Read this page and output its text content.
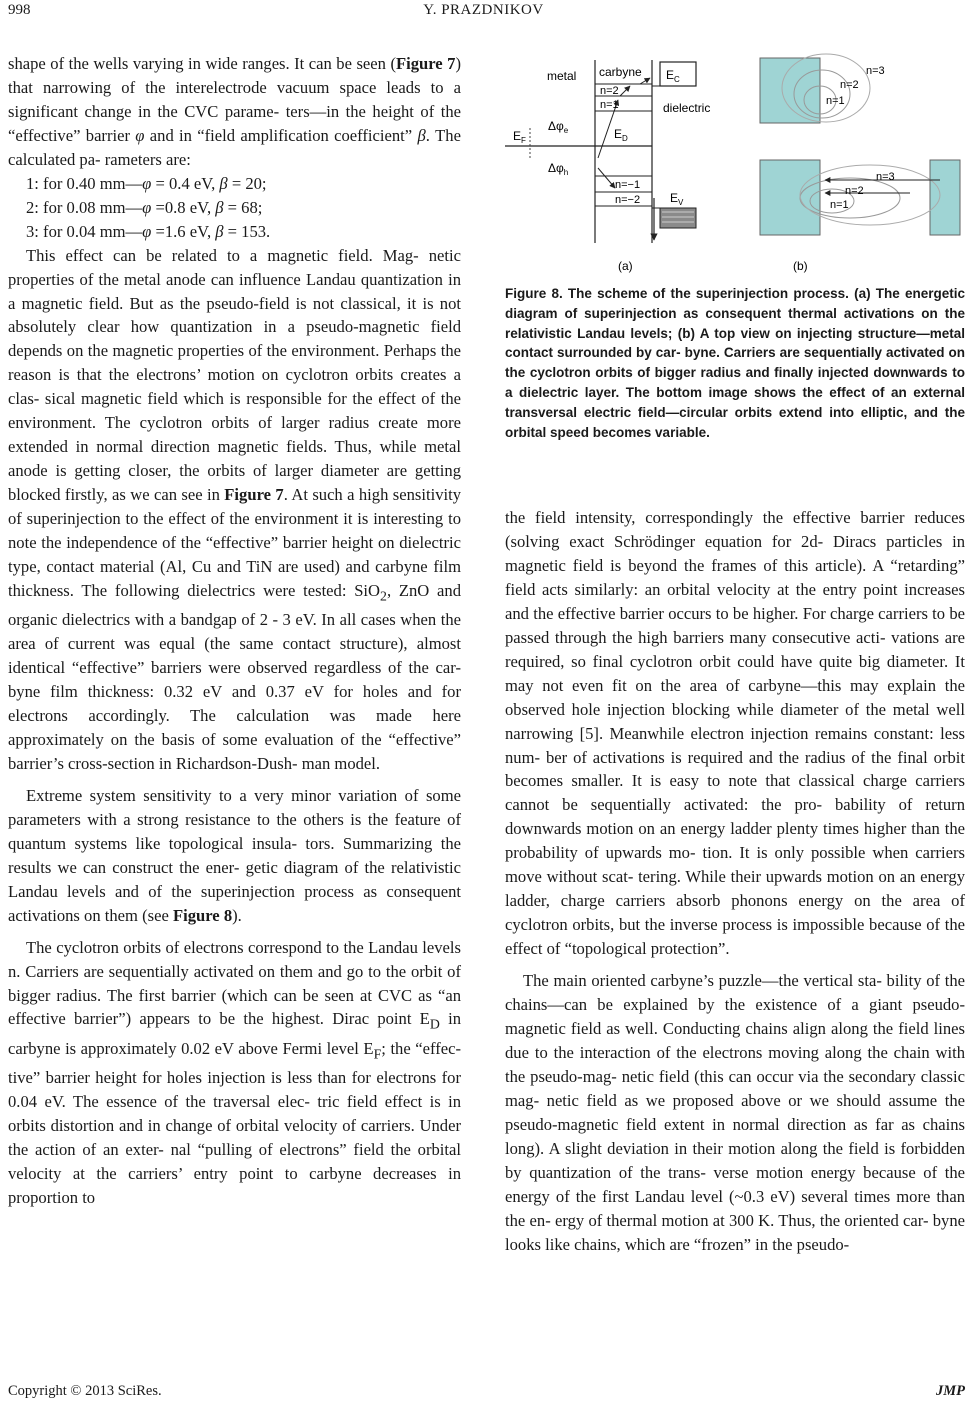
998	Y. PRAZDNIKOV

shape of the wells varying in wide ranges. It can be seen (Figure 7) that narrowing of the interelectrode vacuum space leads to a significant change in the CVC parame- ters—in the height of the “effective” barrier φ and in “field amplification coefficient” β. The calculated pa- rameters are:

1: for 0.40 mm—φ = 0.4 eV, β = 20;

2: for 0.08 mm—φ =0.8 eV, β = 68;

3: for 0.04 mm—φ =1.6 eV, β = 153.

This effect can be related to a magnetic field. Mag- netic properties of the metal anode can influence Landau quantization in a magnetic field. But as the pseudo-field is not classical, it is not absolutely clear how quantization in a pseudo-magnetic field depends on the magnetic properties of the environment. Perhaps the reason is that the electrons’ motion on cyclotron orbits creates a clas- sical magnetic field which is responsible for the effect of the environment. The cyclotron orbits of larger radius create more extended in normal direction magnetic fields. Thus, while metal anode is getting closer, the orbits of larger diameter are getting blocked firstly, as we can see in Figure 7. At such a high sensitivity of superinjection to the effect of the environment it is interesting to note the independence of the “effective” barrier height on dielectric type, contact material (Al, Cu and TiN are used) and carbyne film thickness. The following dielectrics were tested: SiO$_2$, ZnO and organic dielectrics with a bandgap of 2 - 3 eV. In all cases when the area of current was equal (the same contact structure), almost identical “effective” barriers were observed regardless of the car- byne film thickness: 0.32 eV and 0.37 eV for holes and for electrons accordingly. The calculation was made here approximately on the basis of some evaluation of the “effective” barrier’s cross-section in Richardson-Dush- man model.

Extreme system sensitivity to a very minor variation of some parameters with a strong resistance to the others is the feature of quantum systems like topological insula- tors. Summarizing the results we can construct the ener- getic diagram of the relativistic Landau levels and of the superinjection process as consequent activations on them (see Figure 8).

The cyclotron orbits of electrons correspond to the Landau levels n. Carriers are sequentially activated on them and go to the orbit of bigger radius. The first barrier (which can be seen at CVC as “an effective barrier”) appears to be the highest. Dirac point $E_D$ in carbyne is approximately 0.02 eV above Fermi level $E_F$; the “effec- tive” barrier height for holes injection is less than for electrons for 0.04 eV. The essence of the traversal elec- tric field effect is in orbits distortion and in change of orbital velocity of carriers. Under the action of an exter- nal “pulling of electrons” field the orbital velocity at the carriers’ entry point to carbyne decreases in proportion to

metal carbyne
n=2
n=1
n=−1
n=−2
dielectric
$E_C$
$E_V$
$E_D$
$E_F$
$\Delta\varphi_e$
$\Delta\varphi_h$
(a)
n=1
n=2
n=3
n=1
n=2
n=3
(b)
Figure 8. The scheme of the superinjection process. (a) The energetic diagram of superinjection as consequent thermal activations on the relativistic Landau levels; (b) A top view on injecting structure—metal contact surrounded by car- byne. Carriers are sequentially activated on the cyclotron orbits of bigger radius and finally injected downwards to a dielectric layer. The bottom image shows the effect of an external transversal electric field—circular orbits extend into elliptic, and the orbital speed becomes variable.

the field intensity, correspondingly the effective barrier reduces (solving exact Schrödinger equation for 2d- Diracs particles in magnetic field is beyond the frames of this article). A “retarding” field acts similarly: an orbital velocity at the entry point increases and the effective barrier occurs to be higher. For charge carriers to be passed through the high barriers many consecutive acti- vations are required, so final cyclotron orbit could have quite big diameter. It may not even fit on the area of carbyne—this may explain the observed hole injection blocking while diameter of the metal well narrowing [5]. Meanwhile electron injection remains constant: less num- ber of activations is required and the radius of the final orbit becomes smaller. It is easy to note that classical charge carriers cannot be sequentially activated: the pro- bability of return downwards motion on an energy ladder plenty times higher than the probability of upwards mo- tion. It is only possible when carriers move without scat- tering. While their upwards motion on an energy ladder, charge carriers absorb phonons energy on the area of cyclotron orbits, but the inverse process is impossible because of the effect of “topological protection”.

The main oriented carbyne’s puzzle—the vertical sta- bility of the chains—can be explained by the existence of a giant pseudo-magnetic field as well. Conducting chains align along the field lines due to the interaction of the electrons moving along the chain with the pseudo-mag- netic field (this can occur via the secondary classic mag- netic field as we proposed above or we should assume the pseudo-magnetic field extent in normal direction as far as chains long). A slight deviation in their motion along the field is forbidden by quantization of the trans- verse motion energy because of the energy of the first Landau level (~0.3 eV) several times more than the en- ergy of thermal motion at 300 K. Thus, the oriented car- byne looks like chains, which are “frozen” in the pseudo-

Copyright © 2013 SciRes.	JMP
